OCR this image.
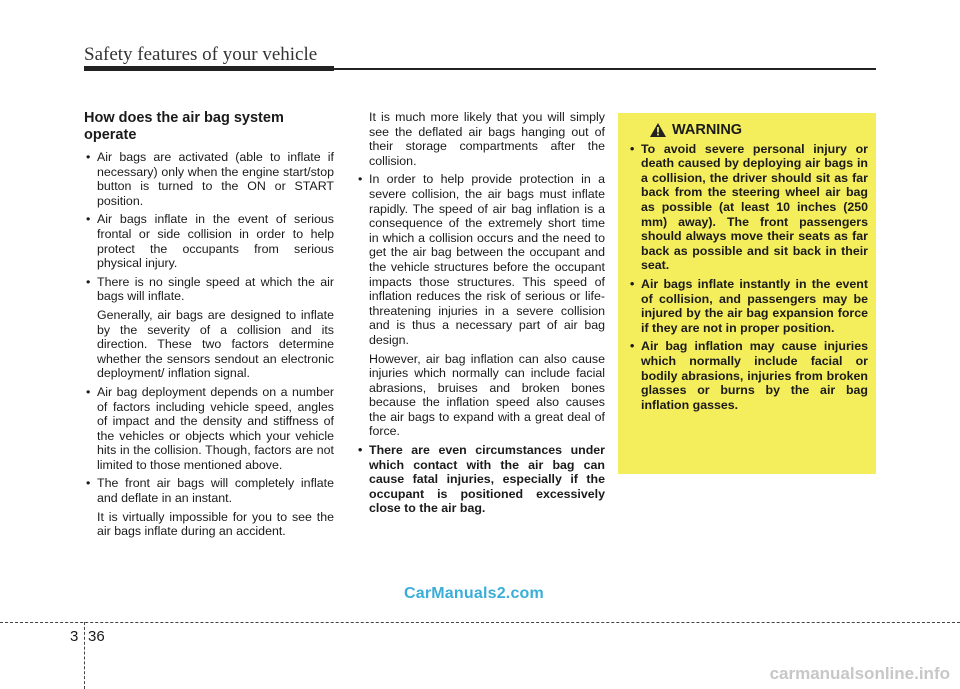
Safety features of your vehicle
How does the air bag system operate
• Air bags are activated (able to inflate if necessary) only when the engine start/stop button is turned to the ON or START position.
• Air bags inflate in the event of serious frontal or side collision in order to help protect the occupants from serious physical injury.
• There is no single speed at which the air bags will inflate.

Generally, air bags are designed to inflate by the severity of a collision and its direction. These two factors determine whether the sensors sendout an electronic deployment/ inflation signal.

• Air bag deployment depends on a number of factors including vehicle speed, angles of impact and the density and stiffness of the vehicles or objects which your vehicle hits in the collision. Though, factors are not limited to those mentioned above.
• The front air bags will completely inflate and deflate in an instant.

It is virtually impossible for you to see the air bags inflate during an accident.

It is much more likely that you will simply see the deflated air bags hanging out of their storage compartments after the collision.

• In order to help provide protection in a severe collision, the air bags must inflate rapidly. The speed of air bag inflation is a consequence of the extremely short time in which a collision occurs and the need to get the air bag between the occupant and the vehicle structures before the occupant impacts those structures. This speed of inflation reduces the risk of serious or life-threatening injuries in a severe collision and is thus a necessary part of air bag design.

However, air bag inflation can also cause injuries which normally can include facial abrasions, bruises and broken bones because the inflation speed also causes the air bags to expand with a great deal of force.

• There are even circumstances under which contact with the air bag can cause fatal injuries, especially if the occupant is positioned excessively close to the air bag.
WARNING
• To avoid severe personal injury or death caused by deploying air bags in a collision, the driver should sit as far back from the steering wheel air bag as possible (at least 10 inches (250 mm) away). The front passengers should always move their seats as far back as possible and sit back in their seat.
• Air bags inflate instantly in the event of collision, and passengers may be injured by the air bag expansion force if they are not in proper position.
• Air bag inflation may cause injuries which normally include facial or bodily abrasions, injuries from broken glasses or burns by the air bag inflation gasses.
CarManuals2.com
3 36
carmanualsonline.info
